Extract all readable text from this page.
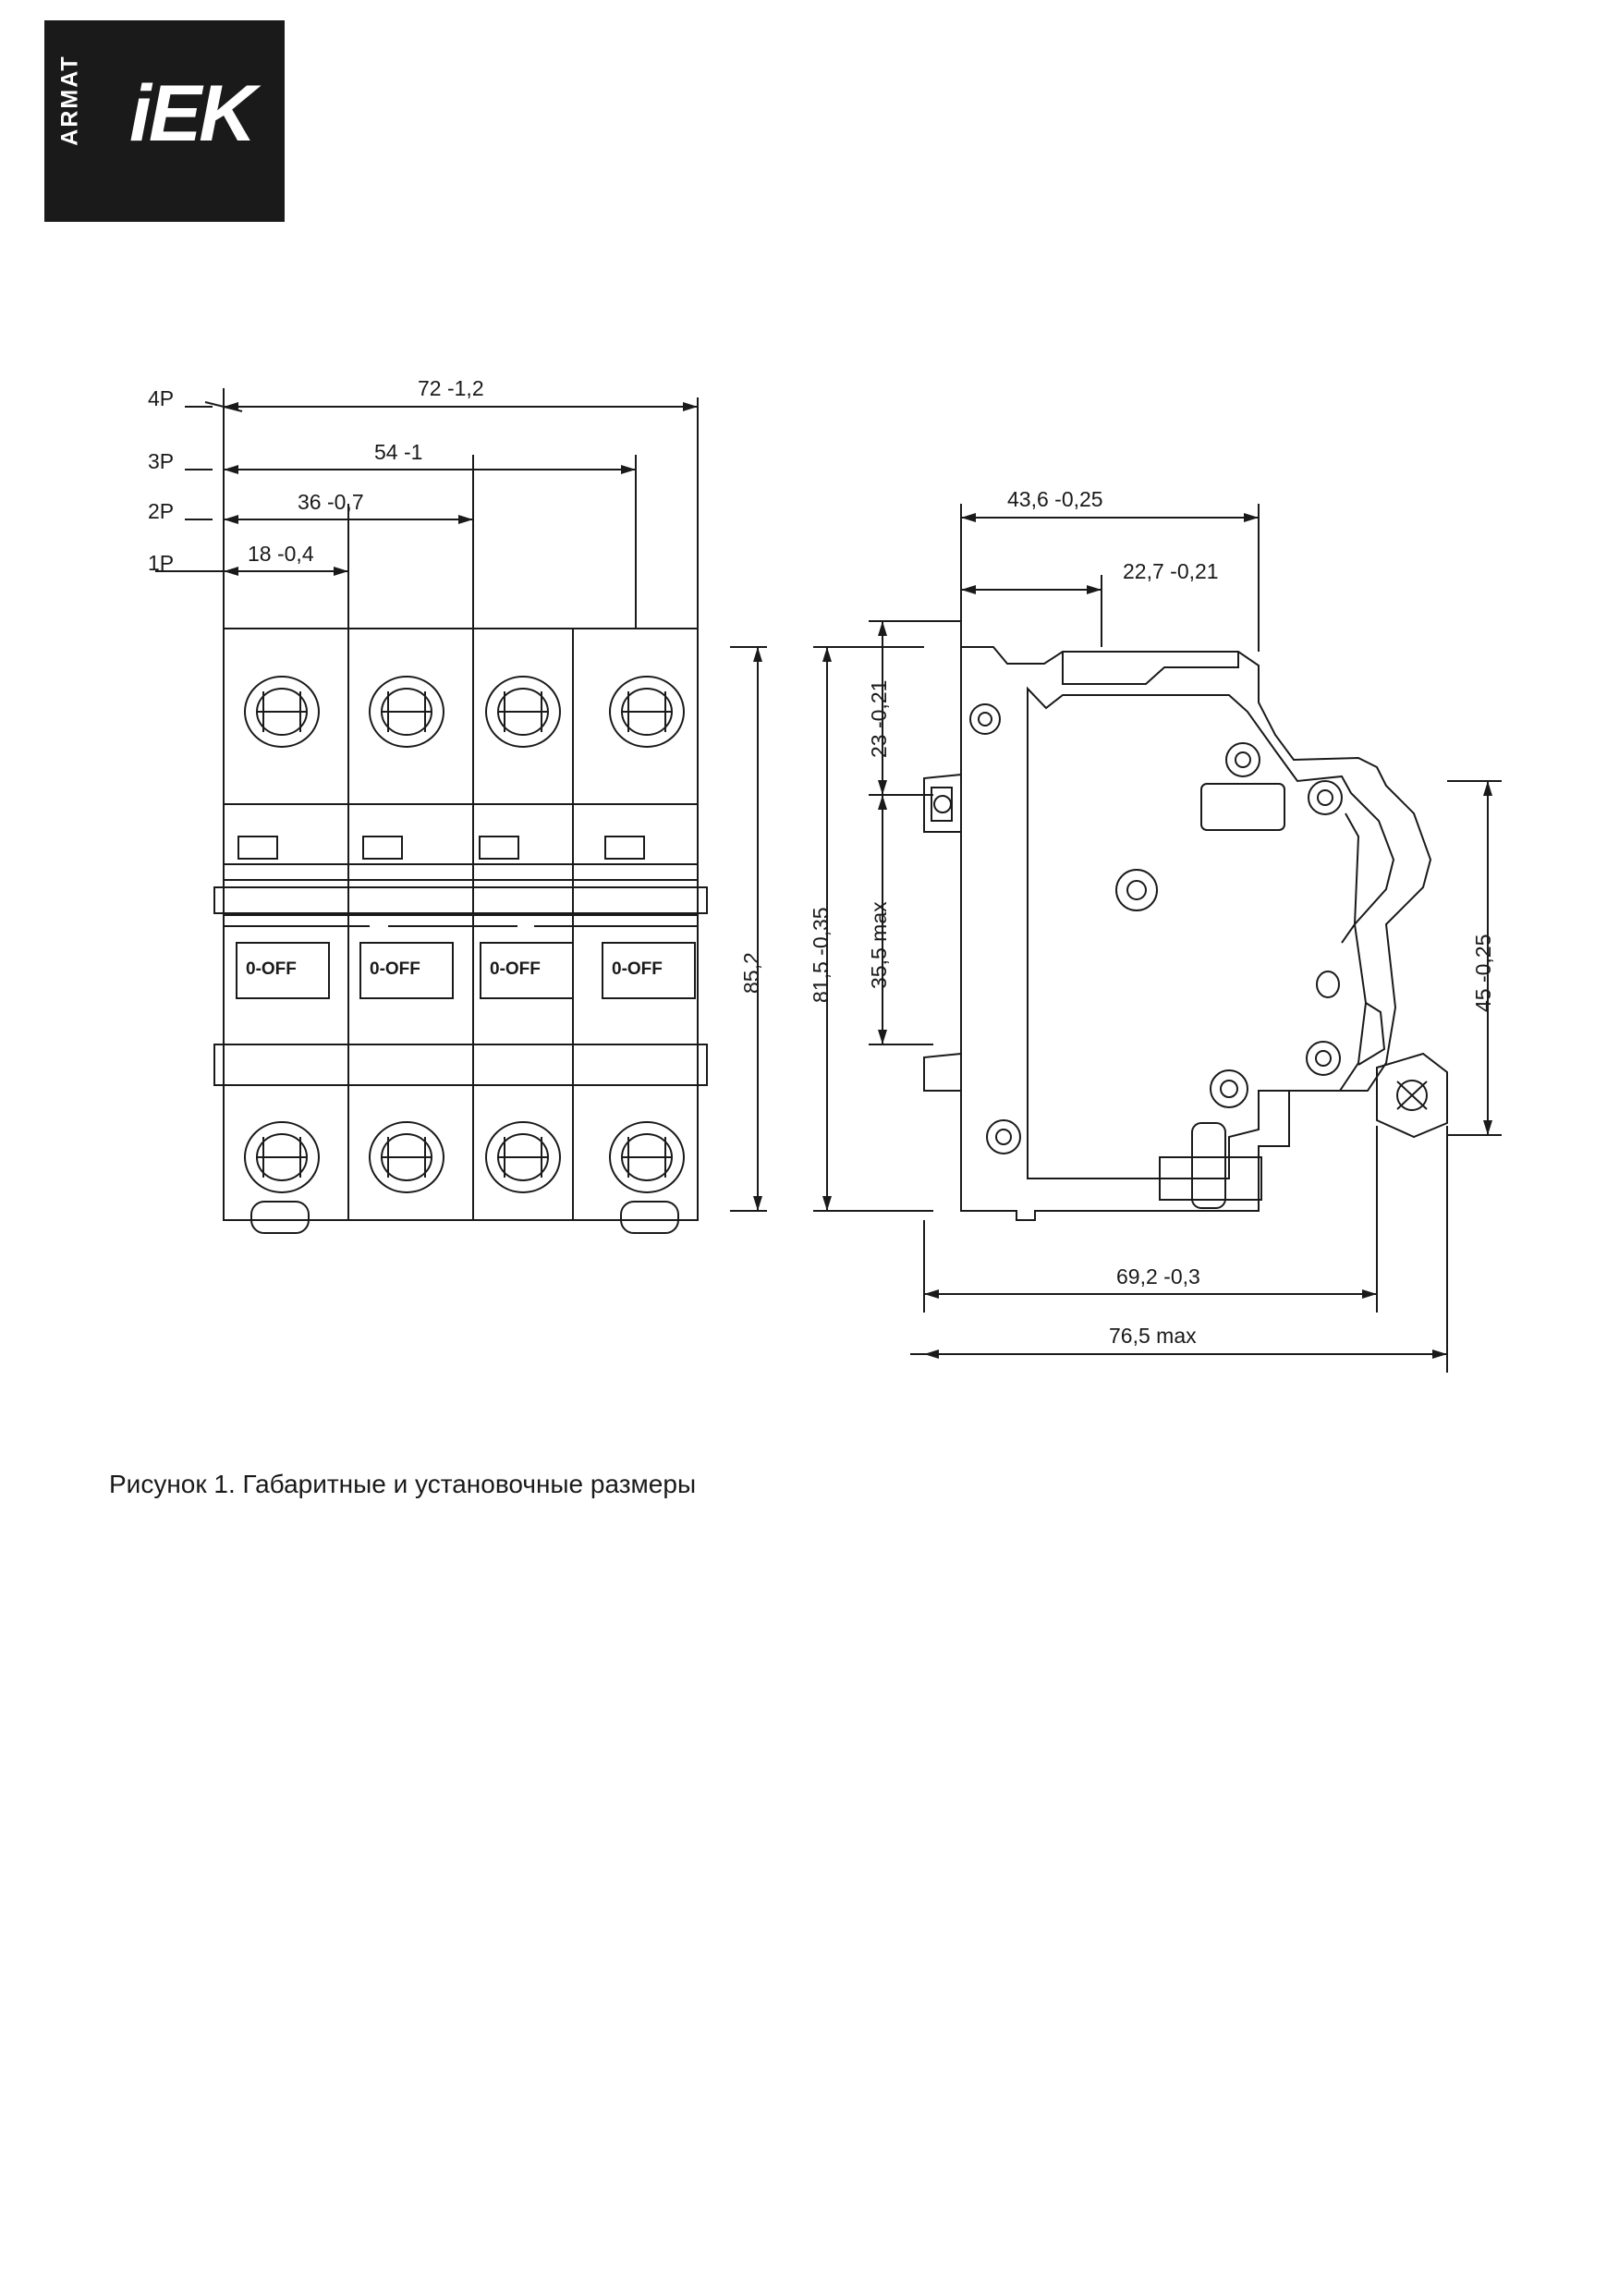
ARMAT iEK
4P
3P
2P
1P
72 -1,2
54 -1
36 -0,7
18 -0,4
85,2
0-OFF	0-OFF	0-OFF	0-OFF
43,6 -0,25
22,7 -0,21
81,5 -0,35
23 -0,21
35,5 max	45 -0,25
69,2 -0,3
76,5 max
Рисунок 1. Габаритные и установочные размеры
